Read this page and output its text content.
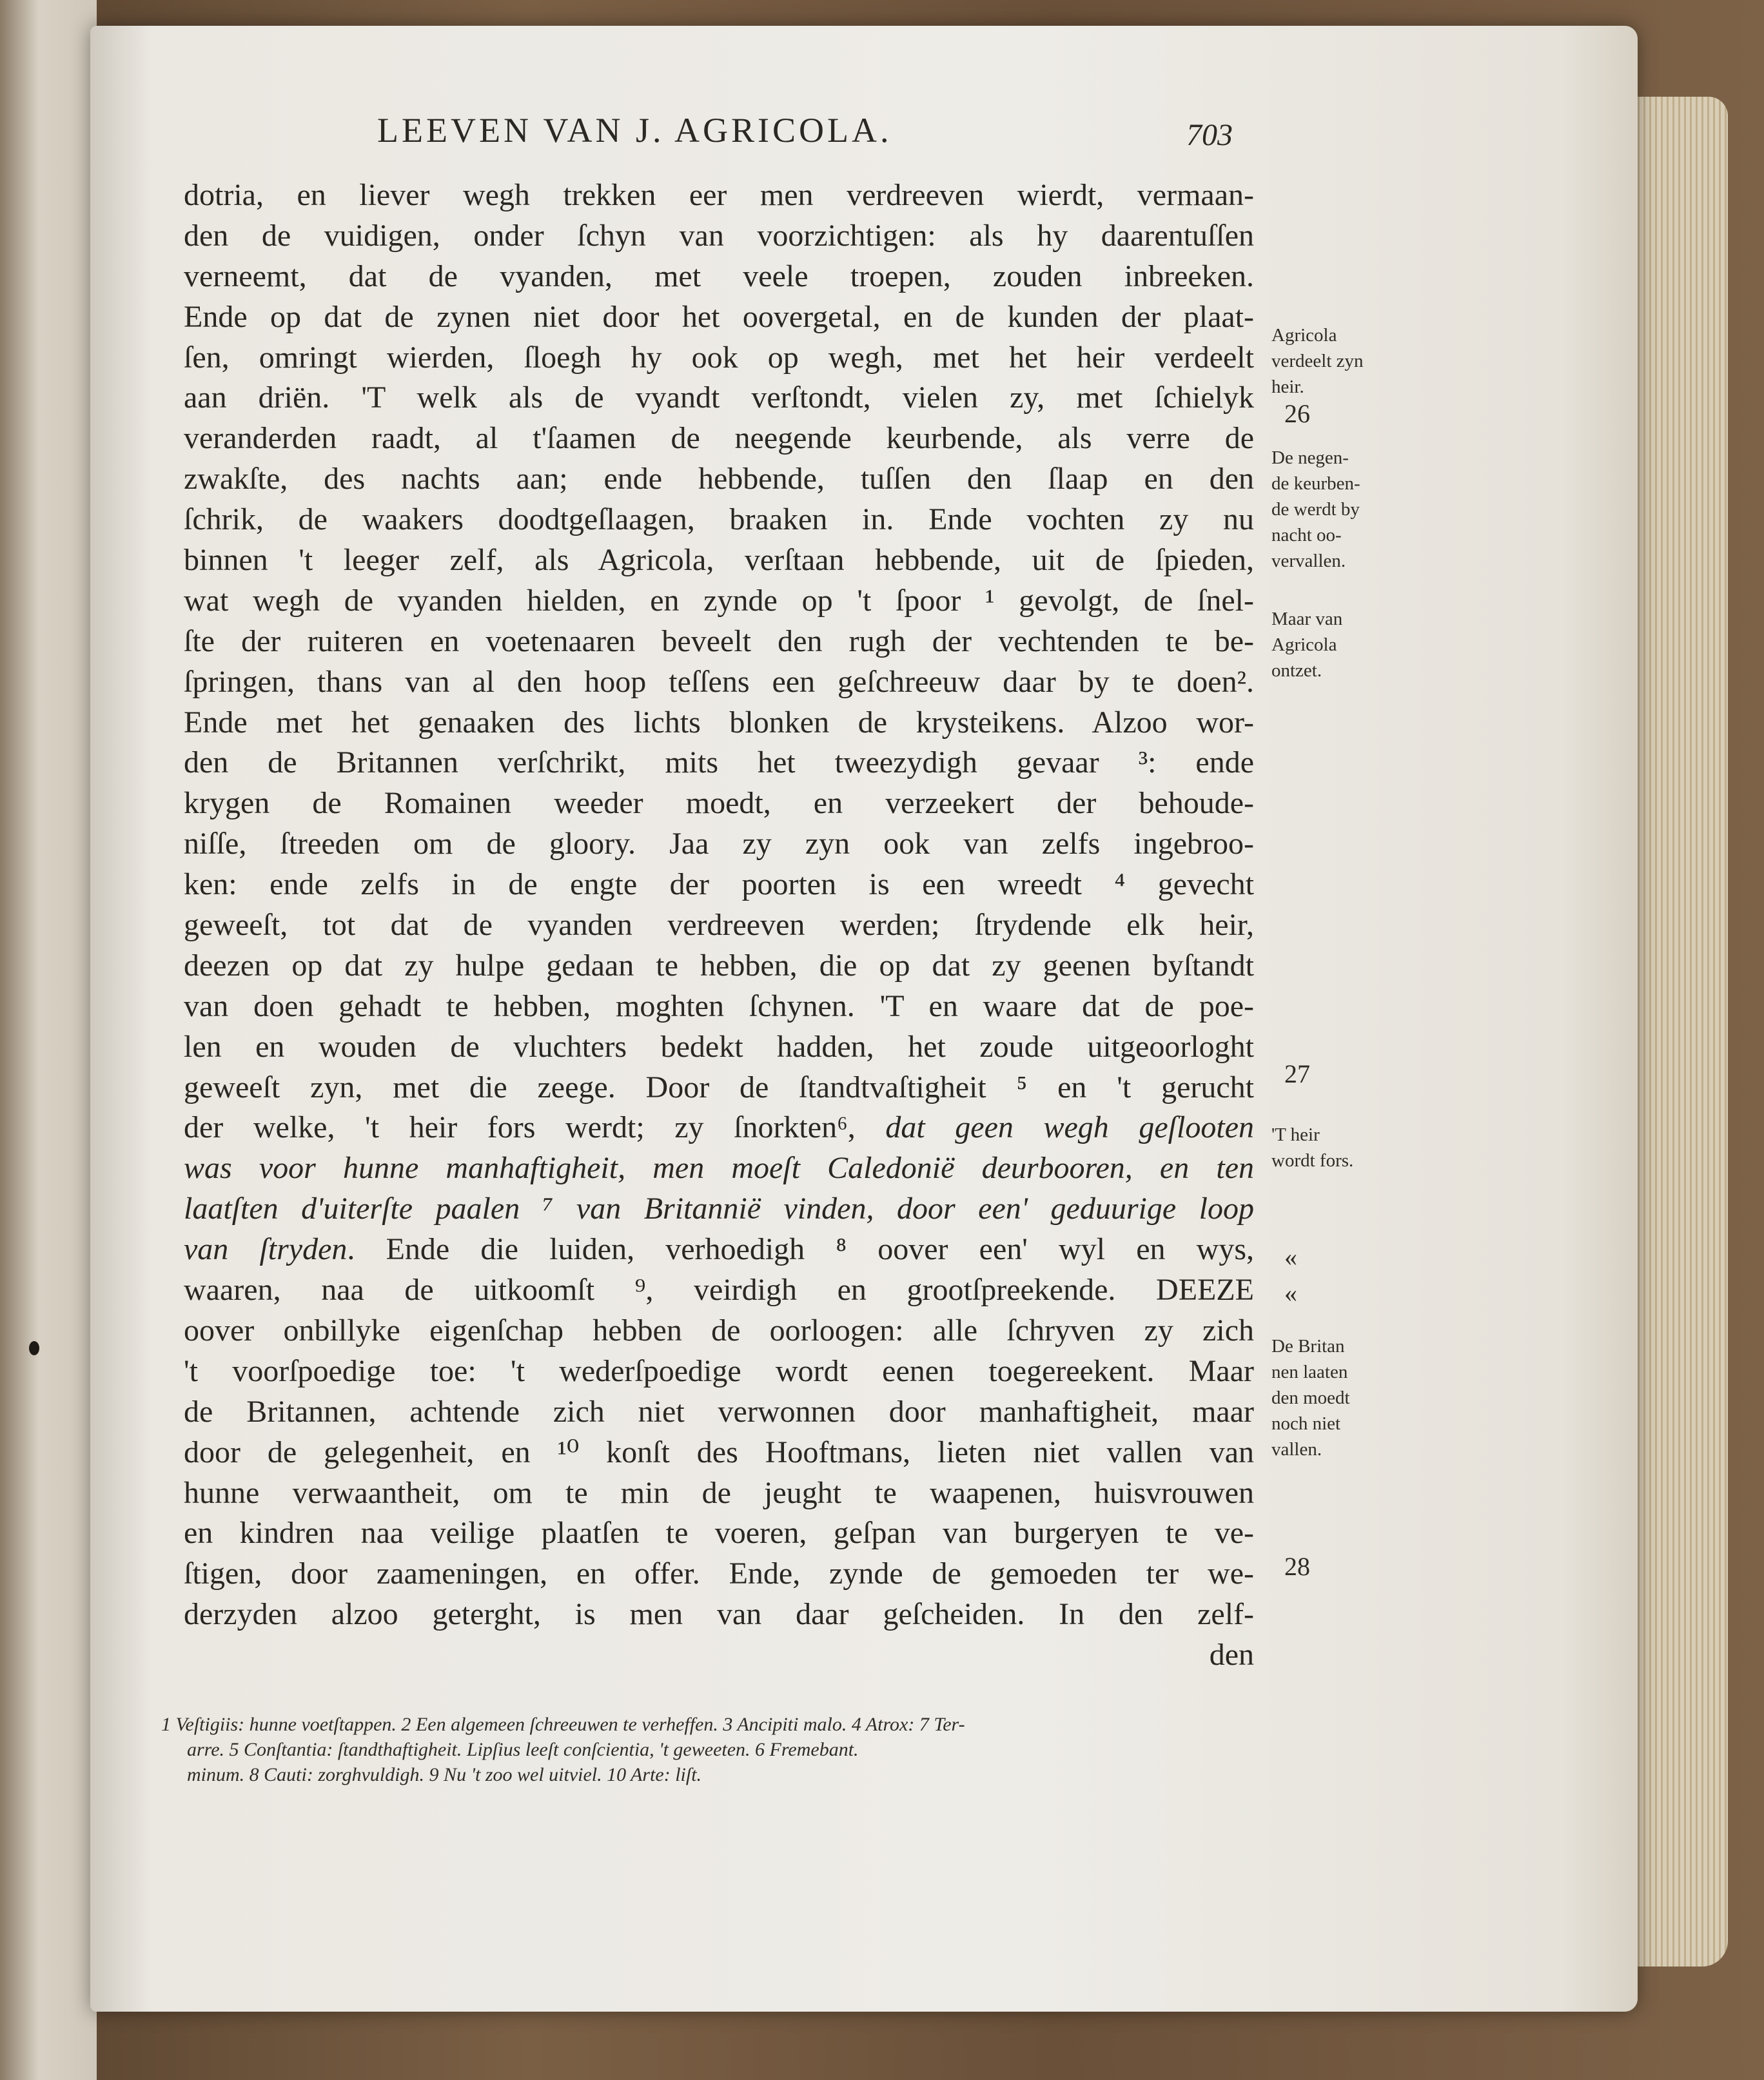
LEEVEN VAN J. AGRICOLA.	703
dotria, en liever wegh trekken eer men verdreeven wierdt, vermaan-
den de vuidigen, onder ſchyn van voorzichtigen: als hy daarentuſſen
verneemt, dat de vyanden, met veele troepen, zouden inbreeken.
Ende op dat de zynen niet door het oovergetal, en de kunden der plaat-
ſen, omringt wierden, ſloegh hy ook op wegh, met het heir verdeelt
aan driën. 'T welk als de vyandt verſtondt, vielen zy, met ſchielyk
veranderden raadt, al t'ſaamen de neegende keurbende, als verre de
zwakſte, des nachts aan; ende hebbende, tuſſen den ſlaap en den
ſchrik, de waakers doodtgeſlaagen, braaken in. Ende vochten zy nu
binnen 't leeger zelf, als Agricola, verſtaan hebbende, uit de ſpieden,
wat wegh de vyanden hielden, en zynde op 't ſpoor ¹ gevolgt, de ſnel-
ſte der ruiteren en voetenaaren beveelt den rugh der vechtenden te be-
ſpringen, thans van al den hoop teſſens een geſchreeuw daar by te doen².
Ende met het genaaken des lichts blonken de krysteikens. Alzoo wor-
den de Britannen verſchrikt, mits het tweezydigh gevaar ³: ende
krygen de Romainen weeder moedt, en verzeekert der behoude-
niſſe, ſtreeden om de gloory. Jaa zy zyn ook van zelfs ingebroo-
ken: ende zelfs in de engte der poorten is een wreedt ⁴ gevecht
geweeſt, tot dat de vyanden verdreeven werden; ſtrydende elk heir,
deezen op dat zy hulpe gedaan te hebben, die op dat zy geenen byſtandt
van doen gehadt te hebben, moghten ſchynen. 'T en waare dat de poe-
len en wouden de vluchters bedekt hadden, het zoude uitgeoorloght
geweeſt zyn, met die zeege. Door de ſtandtvaſtigheit ⁵ en 't gerucht
der welke, 't heir fors werdt; zy ſnorkten⁶, dat geen wegh geſlooten
was voor hunne manhaftigheit, men moeſt Caledonië deurbooren, en ten
laatſten d'uiterſte paalen ⁷ van Britannië vinden, door een' geduurige loop
van ſtryden. Ende die luiden, verhoedigh ⁸ oover een' wyl en wys,
waaren, naa de uitkoomſt ⁹, veirdigh en grootſpreekende. DEEZE
oover onbillyke eigenſchap hebben de oorloogen: alle ſchryven zy zich
't voorſpoedige toe: 't wederſpoedige wordt eenen toegereekent. Maar
de Britannen, achtende zich niet verwonnen door manhaftigheit, maar
door de gelegenheit, en ¹⁰ konſt des Hooftmans, lieten niet vallen van
hunne verwaantheit, om te min de jeught te waapenen, huisvrouwen
en kindren naa veilige plaatſen te voeren, geſpan van burgeryen te ve-
ſtigen, door zaameningen, en offer. Ende, zynde de gemoeden ter we-
derzyden alzoo geterght, is men van daar geſcheiden. In den zelf-
den
Agricola
verdeelt zyn
heir.
26
De negen-
de keurben-
de werdt by
nacht oo-
vervallen.
Maar van
Agricola
ontzet.
27
'T heir
wordt fors.
«
«
De Britan
nen laaten
den moedt
noch niet
vallen.
28
1 Veſtigiis: hunne voetſtappen. 2 Een algemeen ſchreeuwen te verheffen. 3 Ancipiti malo. 4 Atrox: 7 Ter-
arre. 5 Conſtantia: ſtandthaftigheit. Lipſius leeſt conſcientia, 't geweeten. 6 Fremebant.
minum. 8 Cauti: zorghvuldigh. 9 Nu 't zoo wel uitviel. 10 Arte: liſt.
